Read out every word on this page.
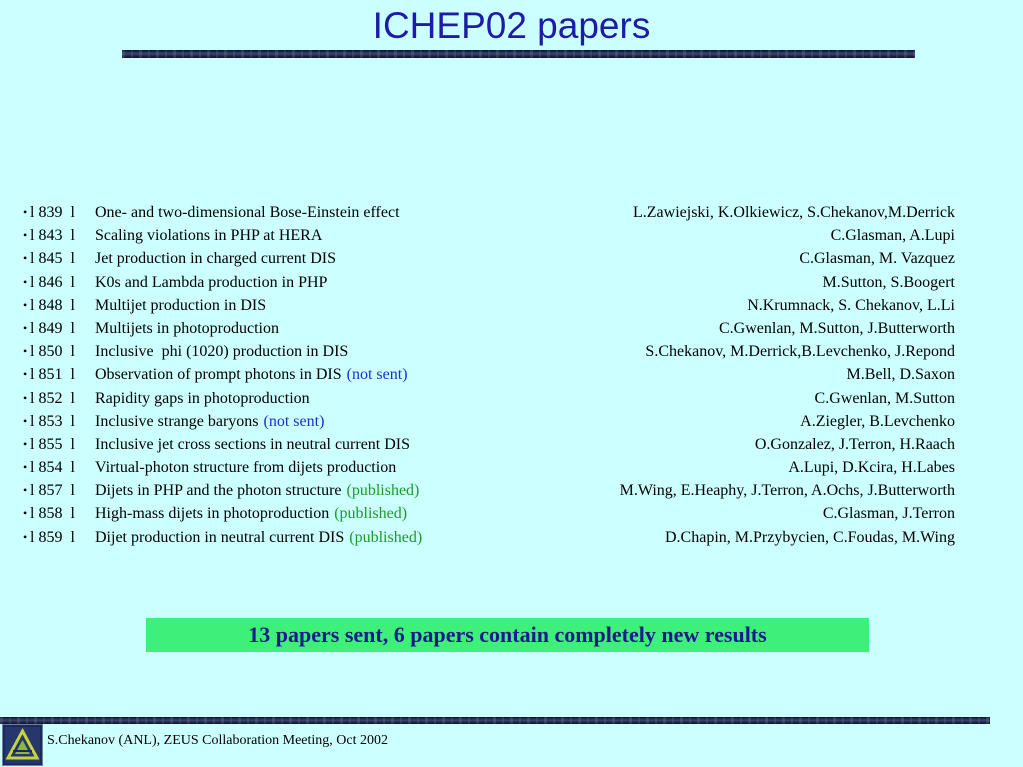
ICHEP02 papers
• l 839  l One- and two-dimensional Bose-Einstein effect	L.Zawiejski, K.Olkiewicz, S.Chekanov,M.Derrick
• l 843  l Scaling violations in PHP at HERA	C.Glasman, A.Lupi
• l 845  l Jet production in charged current DIS	C.Glasman, M. Vazquez
• l 846  l K0s and Lambda production in PHP	M.Sutton, S.Boogert
• l 848  l Multijet production in DIS	N.Krumnack, S. Chekanov, L.Li
• l 849  l Multijets in photoproduction	C.Gwenlan, M.Sutton, J.Butterworth
• l 850  l Inclusive  phi (1020) production in DIS	S.Chekanov, M.Derrick,B.Levchenko, J.Repond
• l 851  l Observation of prompt photons in DIS (not sent)	M.Bell, D.Saxon
• l 852  l Rapidity gaps in photoproduction	C.Gwenlan, M.Sutton
• l 853  l Inclusive strange baryons (not sent)	A.Ziegler, B.Levchenko
• l 855  l Inclusive jet cross sections in neutral current DIS	O.Gonzalez, J.Terron, H.Raach
• l 854  l Virtual-photon structure from dijets production	A.Lupi, D.Kcira, H.Labes
• l 857  l Dijets in PHP and the photon structure (published)	M.Wing, E.Heaphy, J.Terron, A.Ochs, J.Butterworth
• l 858  l High-mass dijets in photoproduction (published)	C.Glasman, J.Terron
• l 859  l Dijet production in neutral current DIS (published)	D.Chapin, M.Przybycien, C.Foudas, M.Wing
13 papers sent, 6 papers contain completely new results
S.Chekanov (ANL), ZEUS Collaboration Meeting, Oct 2002
